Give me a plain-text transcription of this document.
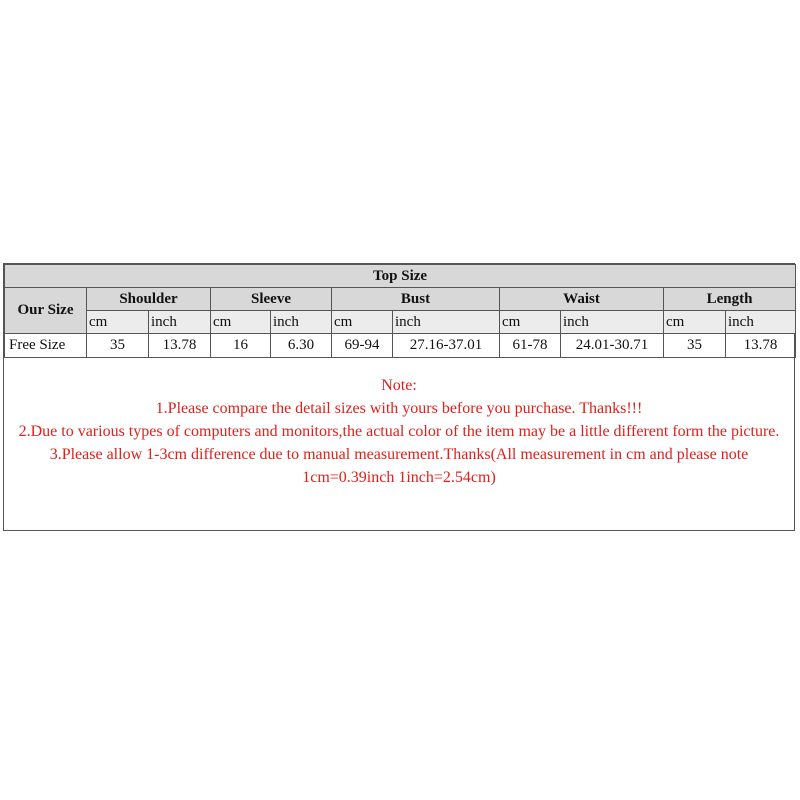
Top Size										
Our Size	Shoulder		Sleeve		Bust		Waist		Length	
	cm	inch	cm	inch	cm	inch	cm	inch	cm	inch
Free Size	35	13.78	16	6.30	69-94	27.16-37.01	61-78	24.01-30.71	35	13.78
Note:
1.Please compare the detail sizes with yours before you purchase. Thanks!!!
2.Due to various types of computers and monitors,the actual color of the item may be a little different form the picture.
3.Please allow 1-3cm difference due to manual measurement.Thanks(All measurement in cm and please note 1cm=0.39inch 1inch=2.54cm)
